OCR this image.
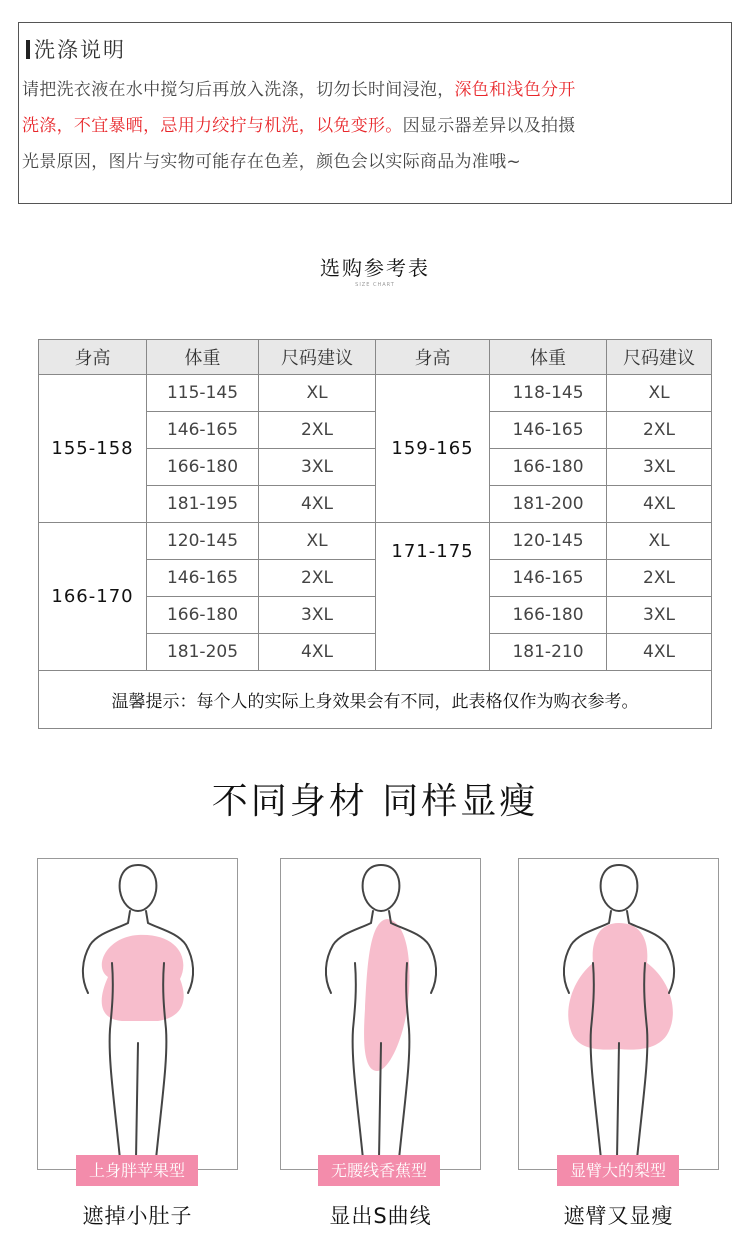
洗涤说明
请把洗衣液在水中搅匀后再放入洗涤，切勿长时间浸泡，深色和浅色分开
洗涤，不宜暴晒，忌用力绞拧与机洗，以免变形。因显示器差异以及拍摄
光景原因，图片与实物可能存在色差，颜色会以实际商品为准哦~
选购参考表
SIZE CHART
身高	体重	尺码建议	身高	体重	尺码建议
155-158	115-145	XL	159-165	118-145	XL
	146-165	2XL		146-165	2XL
	166-180	3XL		166-180	3XL
	181-195	4XL		181-200	4XL
166-170	120-145	XL	171-175	120-145	XL
	146-165	2XL		146-165	2XL
	166-180	3XL		166-180	3XL
	181-205	4XL		181-210	4XL
温馨提示：每个人的实际上身效果会有不同，此表格仅作为购衣参考。					
不同身材 同样显瘦
上身胖苹果型	无腰线香蕉型	显臂大的梨型
遮掉小肚子	显出S曲线	遮臂又显瘦
